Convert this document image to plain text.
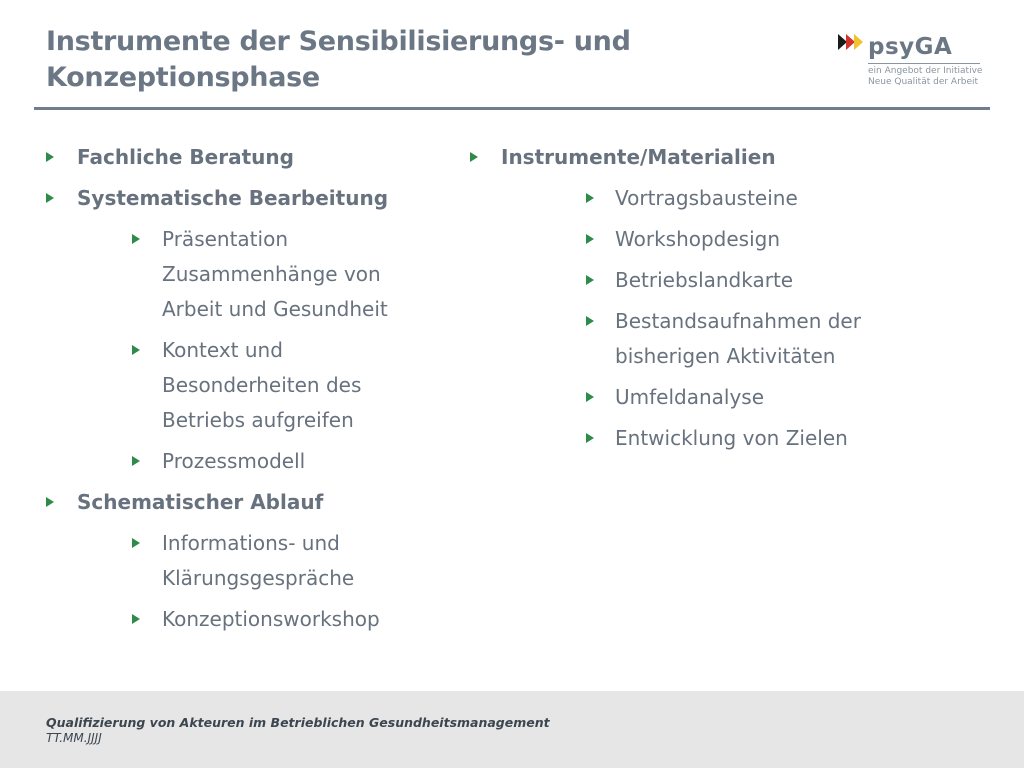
Instrumente der Sensibilisierungs- und
Konzeptionsphase
psyGA
ein Angebot der Initiative
Neue Qualität der Arbeit
Fachliche Beratung
Systematische Bearbeitung
Präsentation Zusammenhänge von Arbeit und Gesundheit
Kontext und Besonderheiten des Betriebs aufgreifen
Prozessmodell
Schematischer Ablauf
Informations- und Klärungsgespräche
Konzeptionsworkshop
Instrumente/Materialien
Vortragsbausteine
Workshopdesign
Betriebslandkarte
Bestandsaufnahmen der bisherigen Aktivitäten
Umfeldanalyse
Entwicklung von Zielen
Qualifizierung von Akteuren im Betrieblichen Gesundheitsmanagement
TT.MM.JJJJ
